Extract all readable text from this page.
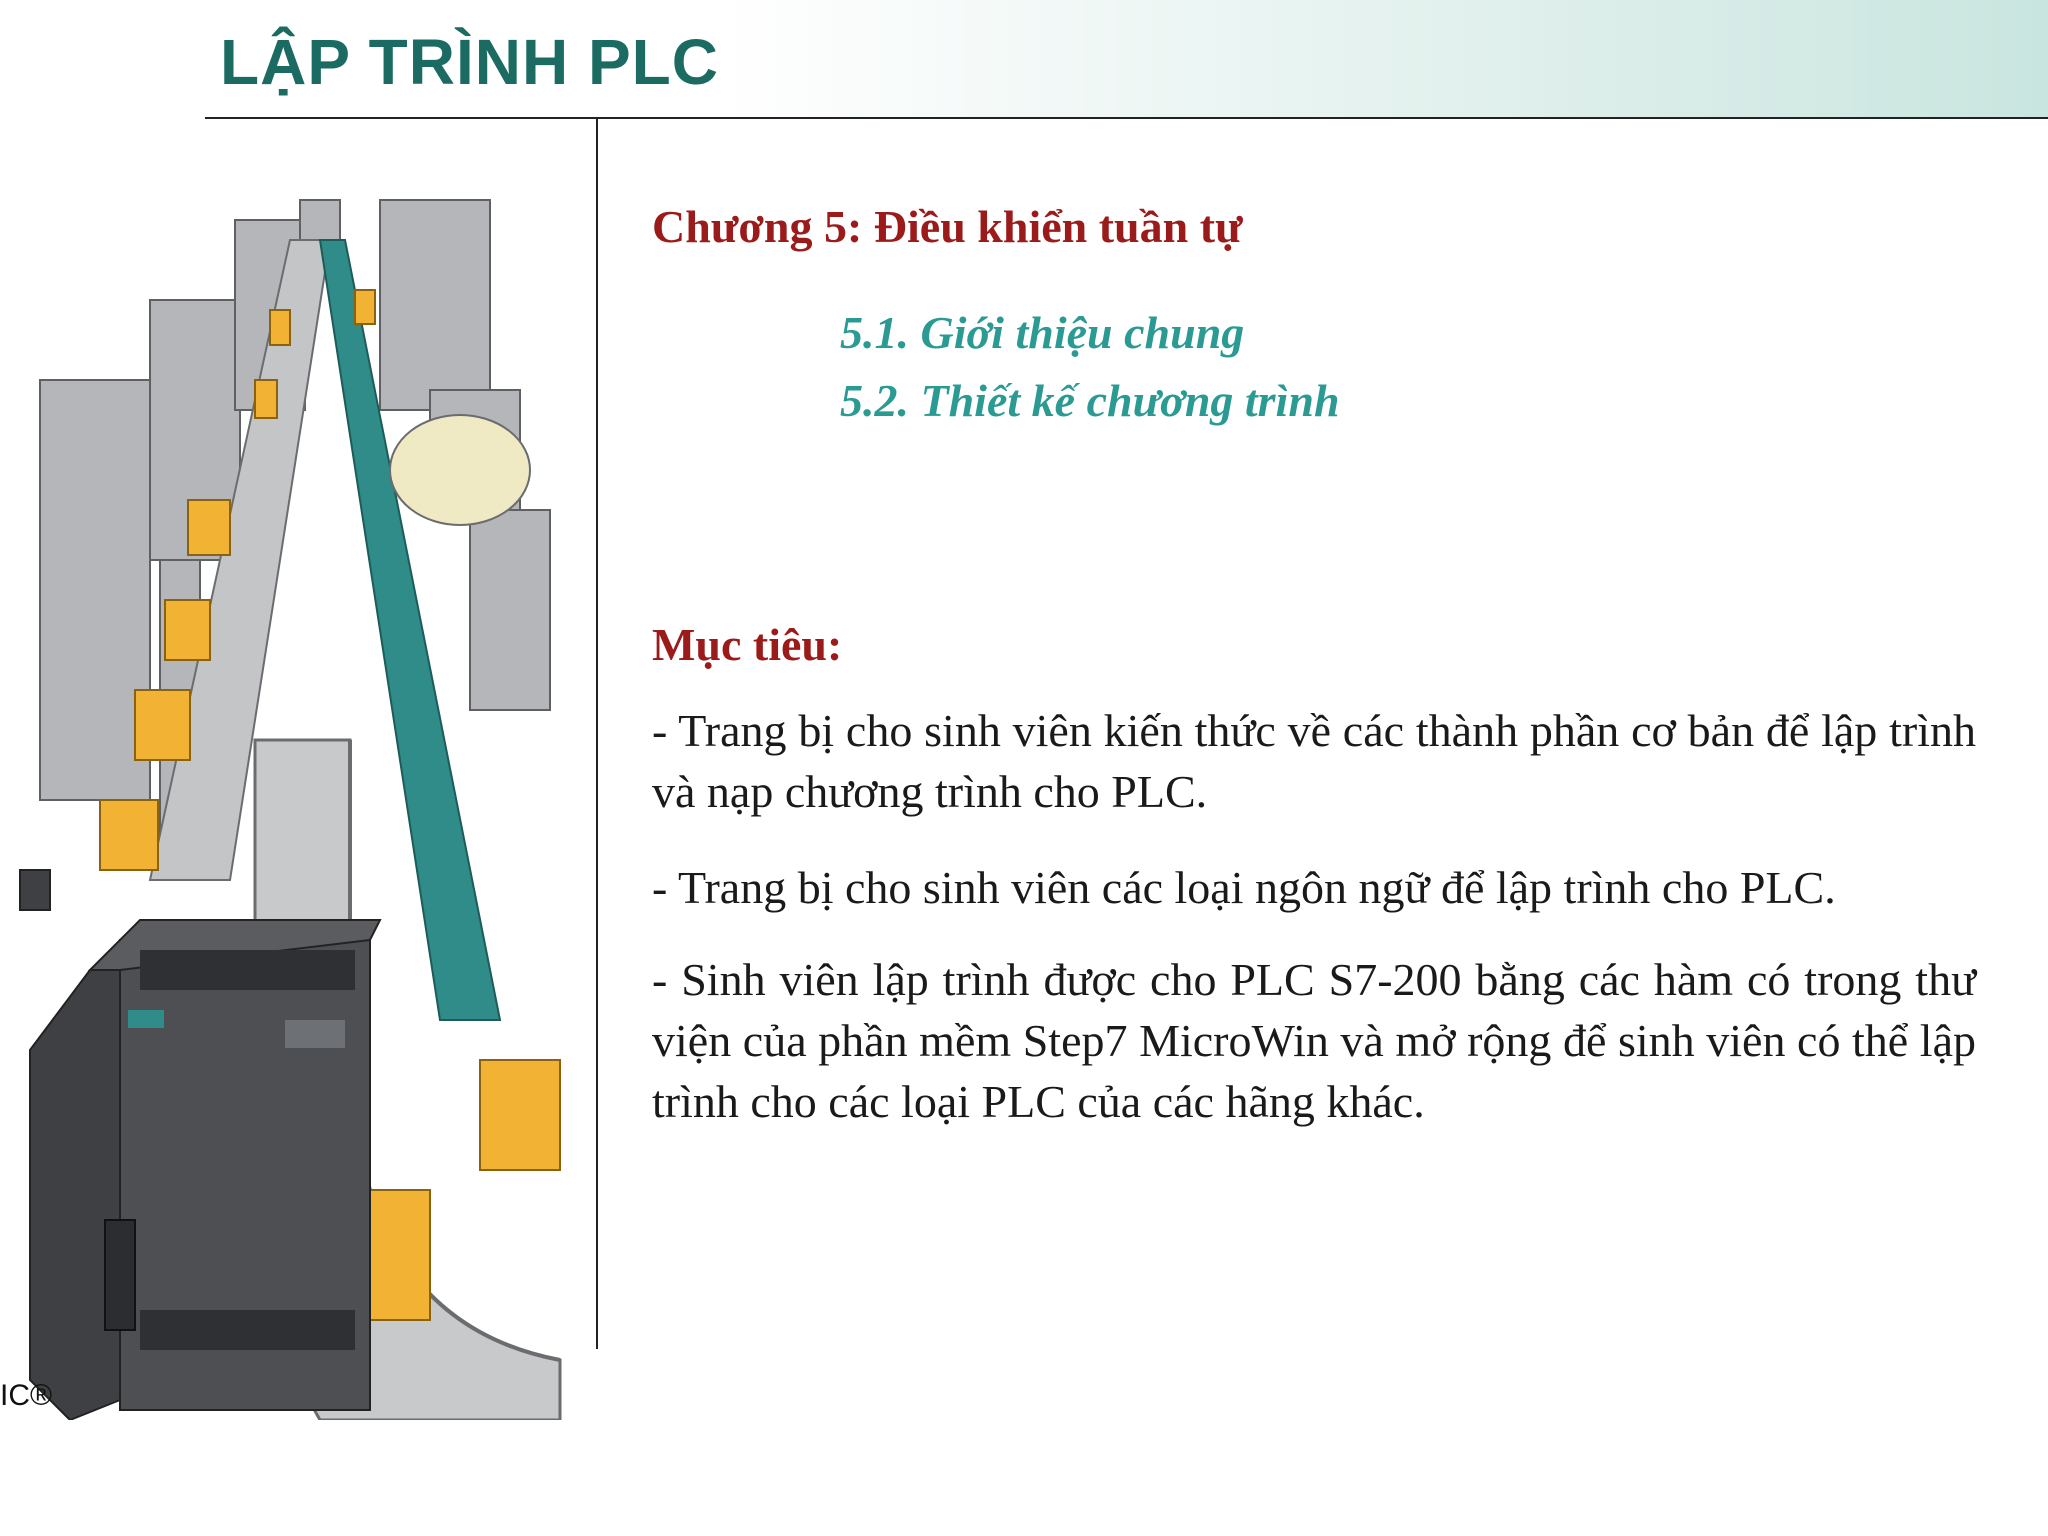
LẬP TRÌNH PLC
IC®
Chương 5: Điều khiển tuần tự
5.1. Giới thiệu chung
5.2. Thiết kế chương trình
Mục tiêu:

- Trang bị cho sinh viên kiến thức về các thành phần cơ bản để lập trình và nạp chương trình cho PLC.

- Trang bị cho sinh viên các loại ngôn ngữ để lập trình cho PLC.

- Sinh viên lập trình được cho PLC S7-200 bằng các hàm có trong thư viện của phần mềm Step7 MicroWin và mở rộng để sinh viên có thể lập trình cho các loại PLC của các hãng khác.
